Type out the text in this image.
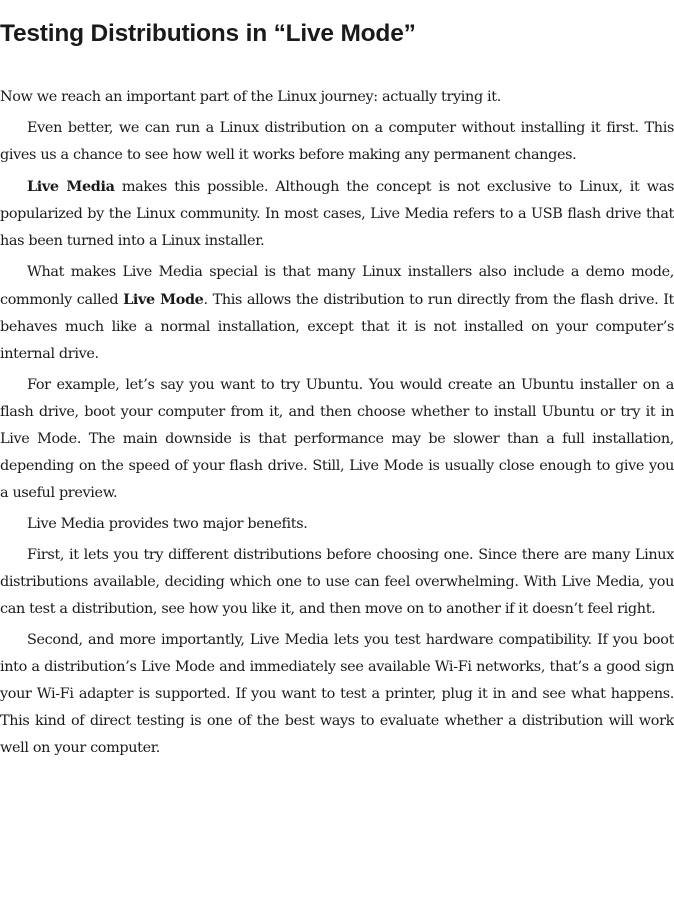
Testing Distributions in “Live Mode”

Now we reach an important part of the Linux journey: actually trying it.

Even better, we can run a Linux distribution on a computer without installing it first. This gives us a chance to see how well it works before making any permanent changes.

Live Media makes this possible. Although the concept is not exclusive to Linux, it was popularized by the Linux community. In most cases, Live Media refers to a USB flash drive that has been turned into a Linux installer.

What makes Live Media special is that many Linux installers also include a demo mode, commonly called Live Mode. This allows the distribution to run directly from the flash drive. It behaves much like a normal installation, except that it is not installed on your computer’s internal drive.

For example, let’s say you want to try Ubuntu. You would create an Ubuntu installer on a flash drive, boot your computer from it, and then choose whether to install Ubuntu or try it in Live Mode. The main downside is that performance may be slower than a full installation, depending on the speed of your flash drive. Still, Live Mode is usually close enough to give you a useful preview.

Live Media provides two major benefits.

First, it lets you try different distributions before choosing one. Since there are many Linux distributions available, deciding which one to use can feel overwhelming. With Live Media, you can test a distribution, see how you like it, and then move on to another if it doesn’t feel right.

Second, and more importantly, Live Media lets you test hardware compatibility. If you boot into a distribution’s Live Mode and immediately see available Wi-Fi networks, that’s a good sign your Wi-Fi adapter is supported. If you want to test a printer, plug it in and see what happens. This kind of direct testing is one of the best ways to evaluate whether a distribution will work well on your computer.
